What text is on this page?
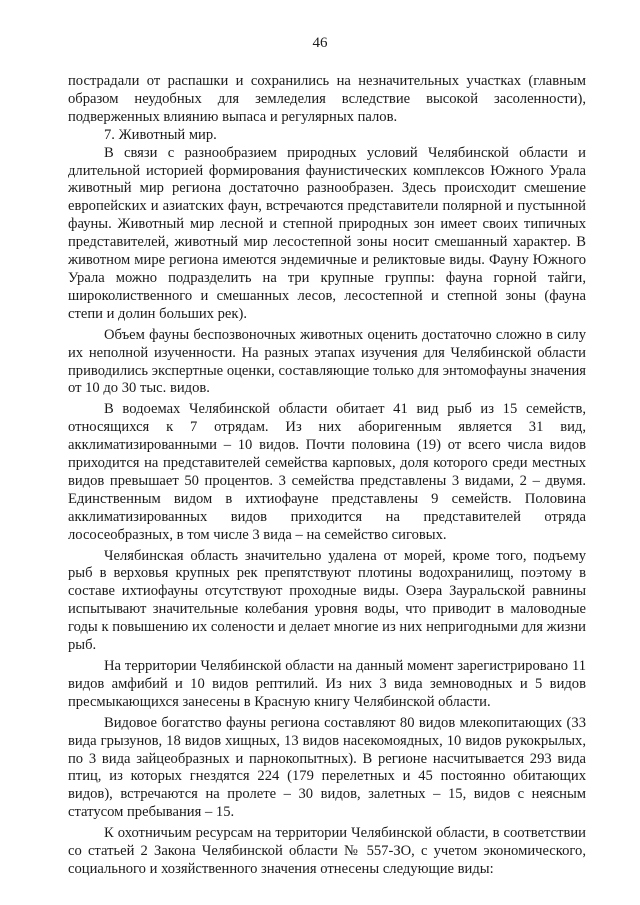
46

пострадали от распашки и сохранились на незначительных участках (главным образом неудобных для земледелия вследствие высокой засоленности), подверженных влиянию выпаса и регулярных палов.

7. Животный мир.

В связи с разнообразием природных условий Челябинской области и длительной историей формирования фаунистических комплексов Южного Урала животный мир региона достаточно разнообразен. Здесь происходит смешение европейских и азиатских фаун, встречаются представители полярной и пустынной фауны. Животный мир лесной и степной природных зон имеет своих типичных представителей, животный мир лесостепной зоны носит смешанный характер. В животном мире региона имеются эндемичные и реликтовые виды. Фауну Южного Урала можно подразделить на три крупные группы: фауна горной тайги, широколиственного и смешанных лесов, лесостепной и степной зоны (фауна степи и долин больших рек).

Объем фауны беспозвоночных животных оценить достаточно сложно в силу их неполной изученности. На разных этапах изучения для Челябинской области приводились экспертные оценки, составляющие только для энтомофауны значения от 10 до 30 тыс. видов.

В водоемах Челябинской области обитает 41 вид рыб из 15 семейств, относящихся к 7 отрядам. Из них аборигенным является 31 вид, акклиматизированными – 10 видов. Почти половина (19) от всего числа видов приходится на представителей семейства карповых, доля которого среди местных видов превышает 50 процентов. 3 семейства представлены 3 видами, 2 – двумя. Единственным видом в ихтиофауне представлены 9 семейств. Половина акклиматизированных видов приходится на представителей отряда лососеобразных, в том числе 3 вида – на семейство сиговых.

Челябинская область значительно удалена от морей, кроме того, подъему рыб в верховья крупных рек препятствуют плотины водохранилищ, поэтому в составе ихтиофауны отсутствуют проходные виды. Озера Зауральской равнины испытывают значительные колебания уровня воды, что приводит в маловодные годы к повышению их солености и делает многие из них непригодными для жизни рыб.

На территории Челябинской области на данный момент зарегистрировано 11 видов амфибий и 10 видов рептилий. Из них 3 вида земноводных и 5 видов пресмыкающихся занесены в Красную книгу Челябинской области.

Видовое богатство фауны региона составляют 80 видов млекопитающих (33 вида грызунов, 18 видов хищных, 13 видов насекомоядных, 10 видов рукокрылых, по 3 вида зайцеобразных и парнокопытных). В регионе насчитывается 293 вида птиц, из которых гнездятся 224 (179 перелетных и 45 постоянно обитающих видов), встречаются на пролете – 30 видов, залетных – 15, видов с неясным статусом пребывания – 15.

К охотничьим ресурсам на территории Челябинской области, в соответствии со статьей 2 Закона Челябинской области № 557-ЗО, с учетом экономического, социального и хозяйственного значения отнесены следующие виды:
